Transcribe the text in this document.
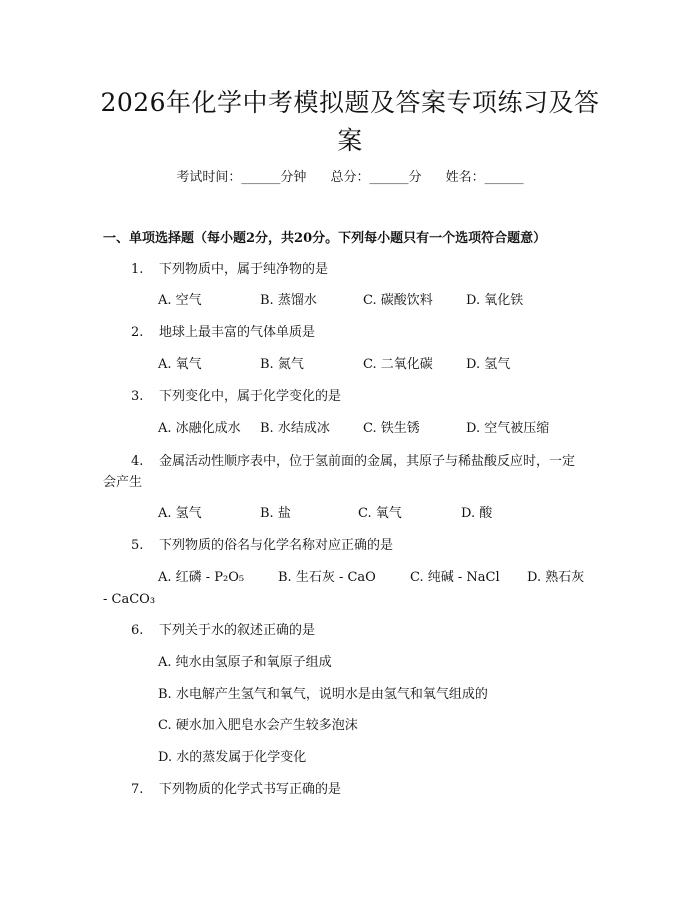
2026年化学中考模拟题及答案专项练习及答案
考试时间：______分钟 总分：______分 姓名：______
一、单项选择题（每小题2分，共20分。下列每小题只有一个选项符合题意）
1. 下列物质中，属于纯净物的是
A. 空气	B. 蒸馏水	C. 碳酸饮料	D. 氧化铁
2. 地球上最丰富的气体单质是
A. 氧气	B. 氮气	C. 二氧化碳	D. 氢气
3. 下列变化中，属于化学变化的是
A. 冰融化成水 B. 水结成冰	C. 铁生锈	D. 空气被压缩
4. 金属活动性顺序表中，位于氢前面的金属，其原子与稀盐酸反应时，一定
会产生
A. 氢气	B. 盐	C. 氧气	D. 酸
5. 下列物质的俗名与化学名称对应正确的是
A. 红磷 - P₂O₅	B. 生石灰 - CaO	C. 纯碱 - NaCl D. 熟石灰
- CaCO₃
6. 下列关于水的叙述正确的是
A. 纯水由氢原子和氧原子组成
B. 水电解产生氢气和氧气，说明水是由氢气和氧气组成的
C. 硬水加入肥皂水会产生较多泡沫
D. 水的蒸发属于化学变化
7. 下列物质的化学式书写正确的是
